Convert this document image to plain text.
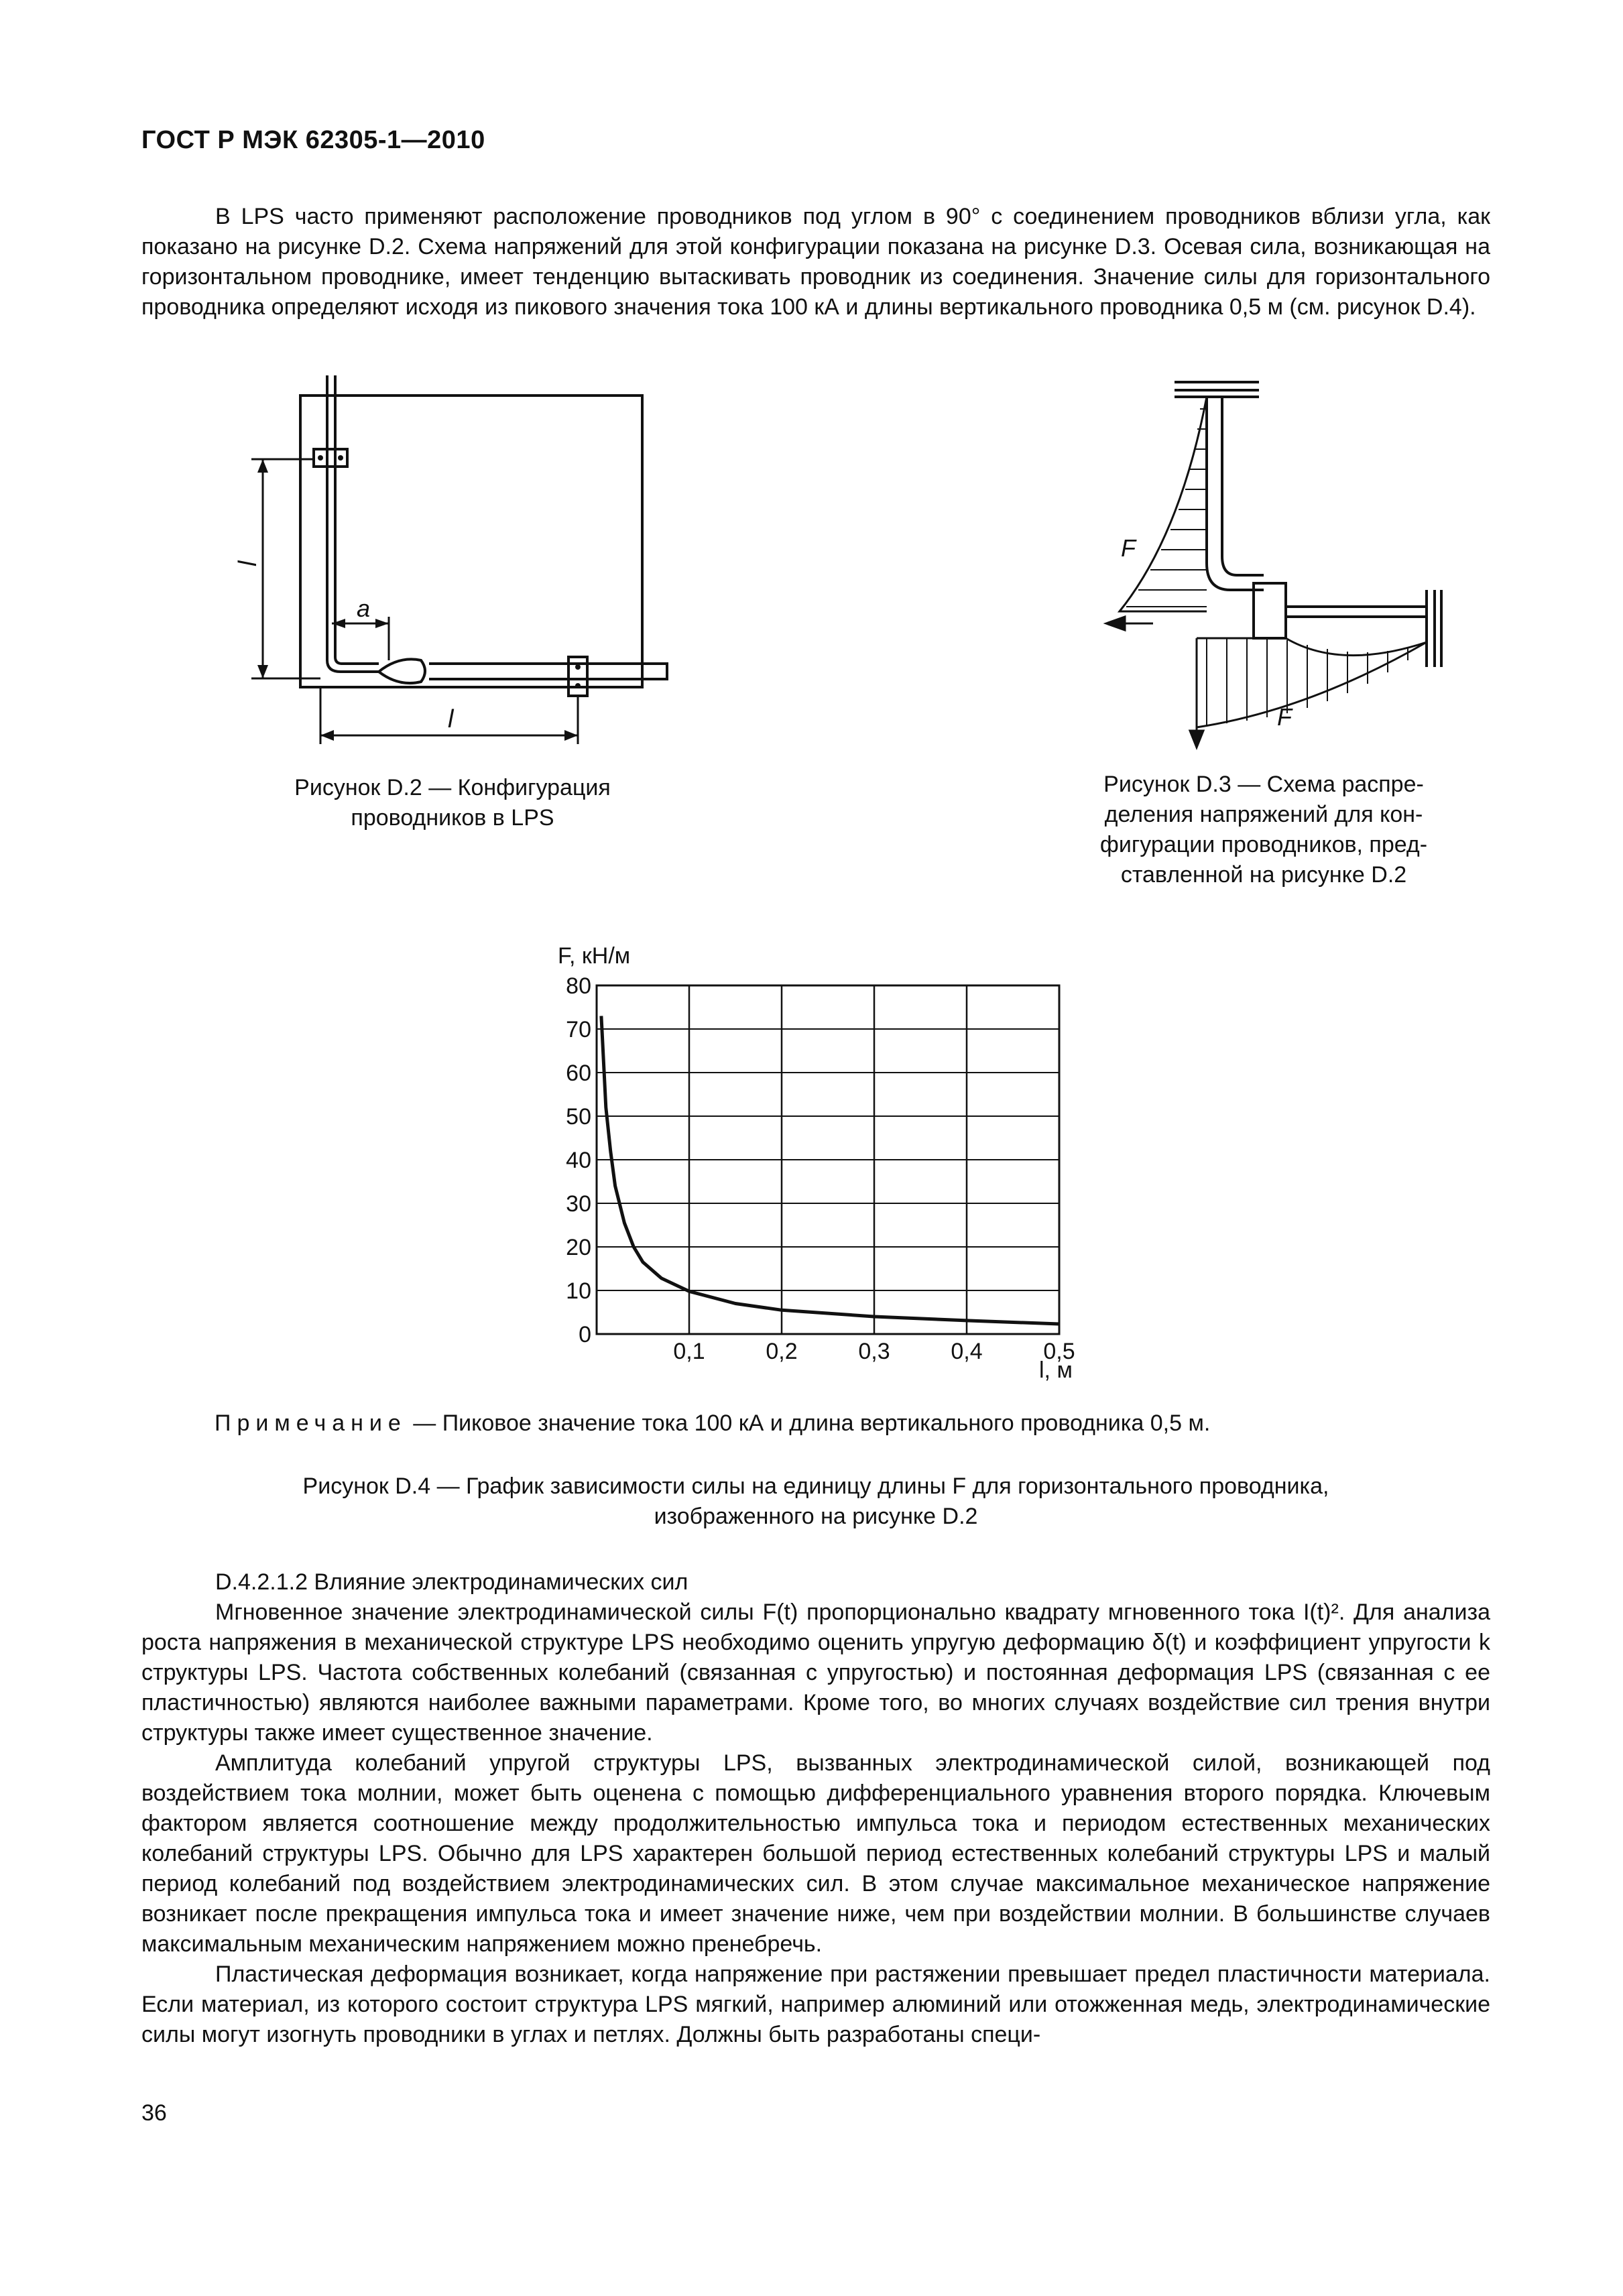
ГОСТ Р МЭК 62305-1—2010

В LPS часто применяют расположение проводников под углом в 90° с соединением проводников вблизи угла, как показано на рисунке D.2. Схема напряжений для этой конфигурации показана на рисунке D.3. Осевая сила, возникающая на горизонтальном проводнике, имеет тенденцию вытаскивать проводник из соединения. Значение силы для горизонтального проводника определяют исходя из пикового значения тока 100 кА и длины вертикального проводника 0,5 м (см. рисунок D.4).

l
a
l
Рисунок D.2 — Конфигурация
проводников в LPS
F
F
Рисунок D.3 — Схема распре-
деления напряжений для кон-
фигурации проводников, пред-
ставленной на рисунке D.2
80
70
60
50
40
30
20
10
0
0,1	0,2	0,3	0,4	0,5
F, кН/м
l, м
Примечание — Пиковое значение тока 100 кА и длина вертикального проводника 0,5 м.
Рисунок D.4 — График зависимости силы на единицу длины F для горизонтального проводника,
изображенного на рисунке D.2

D.4.2.1.2 Влияние электродинамических сил

Мгновенное значение электродинамической силы F(t) пропорционально квадрату мгновенного тока I(t)². Для анализа роста напряжения в механической структуре LPS необходимо оценить упругую деформацию δ(t) и коэффициент упругости k структуры LPS. Частота собственных колебаний (связанная с упругостью) и постоянная деформация LPS (связанная с ее пластичностью) являются наиболее важными параметрами. Кроме того, во многих случаях воздействие сил трения внутри структуры также имеет существенное значение.

Амплитуда колебаний упругой структуры LPS, вызванных электродинамической силой, возникающей под воздействием тока молнии, может быть оценена с помощью дифференциального уравнения второго порядка. Ключевым фактором является соотношение между продолжительностью импульса тока и периодом естественных механических колебаний структуры LPS. Обычно для LPS характерен большой период естественных колебаний структуры LPS и малый период колебаний под воздействием электродинамических сил. В этом случае максимальное механическое напряжение возникает после прекращения импульса тока и имеет значение ниже, чем при воздействии молнии. В большинстве случаев максимальным механическим напряжением можно пренебречь.

Пластическая деформация возникает, когда напряжение при растяжении превышает предел пластичности материала. Если материал, из которого состоит структура LPS мягкий, например алюминий или отожженная медь, электродинамические силы могут изогнуть проводники в углах и петлях. Должны быть разработаны специ-

36
